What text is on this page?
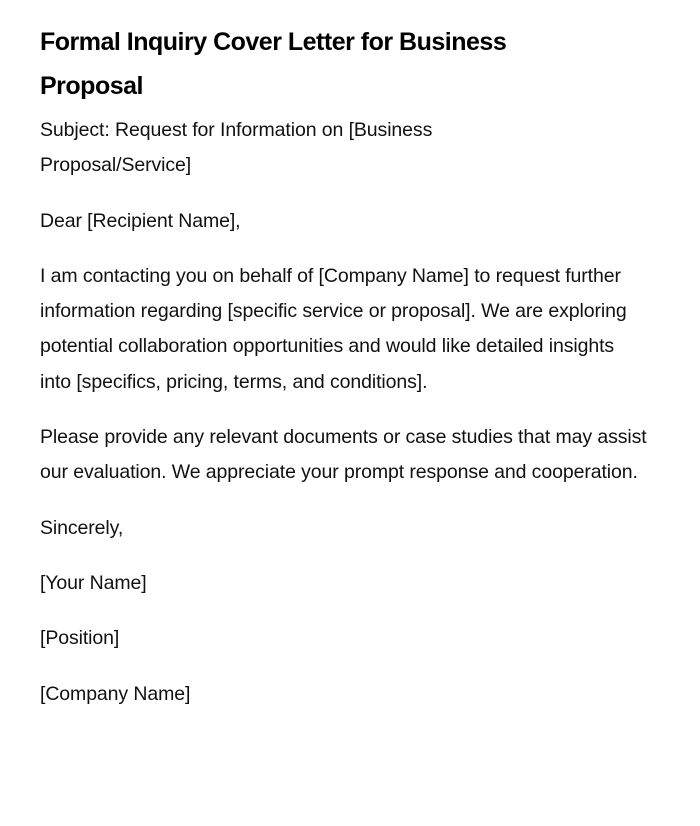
Formal Inquiry Cover Letter for Business Proposal

Subject: Request for Information on [Business Proposal/Service]

Dear [Recipient Name],

I am contacting you on behalf of [Company Name] to request further information regarding [specific service or proposal]. We are exploring potential collaboration opportunities and would like detailed insights into [specifics, pricing, terms, and conditions].

Please provide any relevant documents or case studies that may assist our evaluation. We appreciate your prompt response and cooperation.

Sincerely,

[Your Name]

[Position]

[Company Name]
